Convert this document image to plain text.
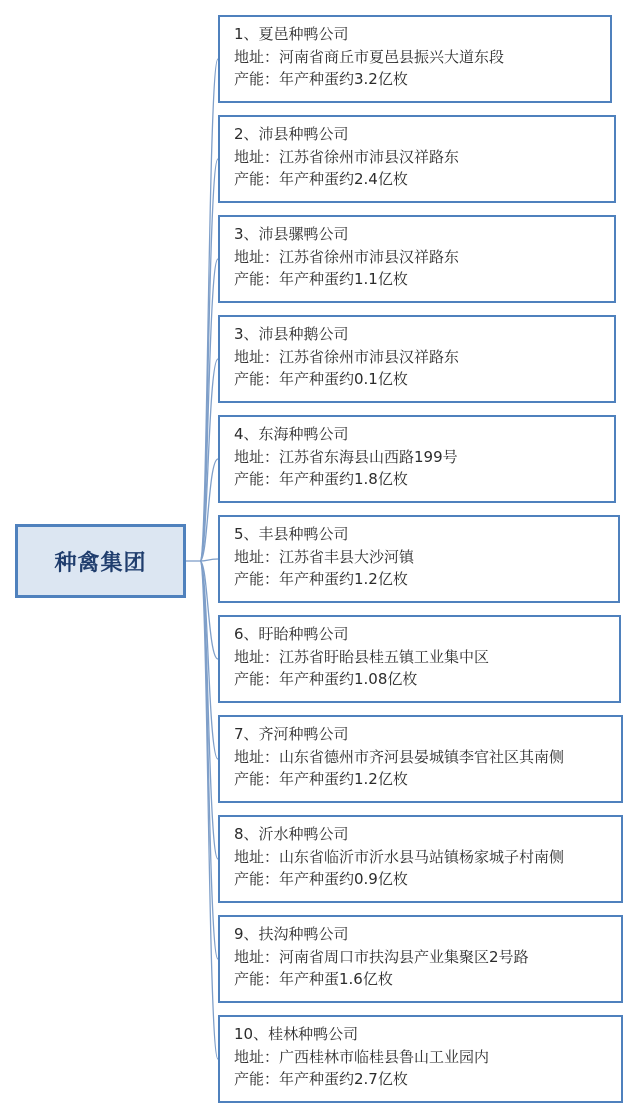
种禽集团
1、夏邑种鸭公司
地址：河南省商丘市夏邑县振兴大道东段
产能：年产种蛋约3.2亿枚
2、沛县种鸭公司
地址：江苏省徐州市沛县汉祥路东
产能：年产种蛋约2.4亿枚
3、沛县骡鸭公司
地址：江苏省徐州市沛县汉祥路东
产能：年产种蛋约1.1亿枚
3、沛县种鹅公司
地址：江苏省徐州市沛县汉祥路东
产能：年产种蛋约0.1亿枚
4、东海种鸭公司
地址：江苏省东海县山西路199号
产能：年产种蛋约1.8亿枚
5、丰县种鸭公司
地址：江苏省丰县大沙河镇
产能：年产种蛋约1.2亿枚
6、盱眙种鸭公司
地址：江苏省盱眙县桂五镇工业集中区
产能：年产种蛋约1.08亿枚
7、齐河种鸭公司
地址：山东省德州市齐河县晏城镇李官社区其南侧
产能：年产种蛋约1.2亿枚
8、沂水种鸭公司
地址：山东省临沂市沂水县马站镇杨家城子村南侧
产能：年产种蛋约0.9亿枚
9、扶沟种鸭公司
地址：河南省周口市扶沟县产业集聚区2号路
产能：年产种蛋1.6亿枚
10、桂林种鸭公司
地址：广西桂林市临桂县鲁山工业园内
产能：年产种蛋约2.7亿枚
